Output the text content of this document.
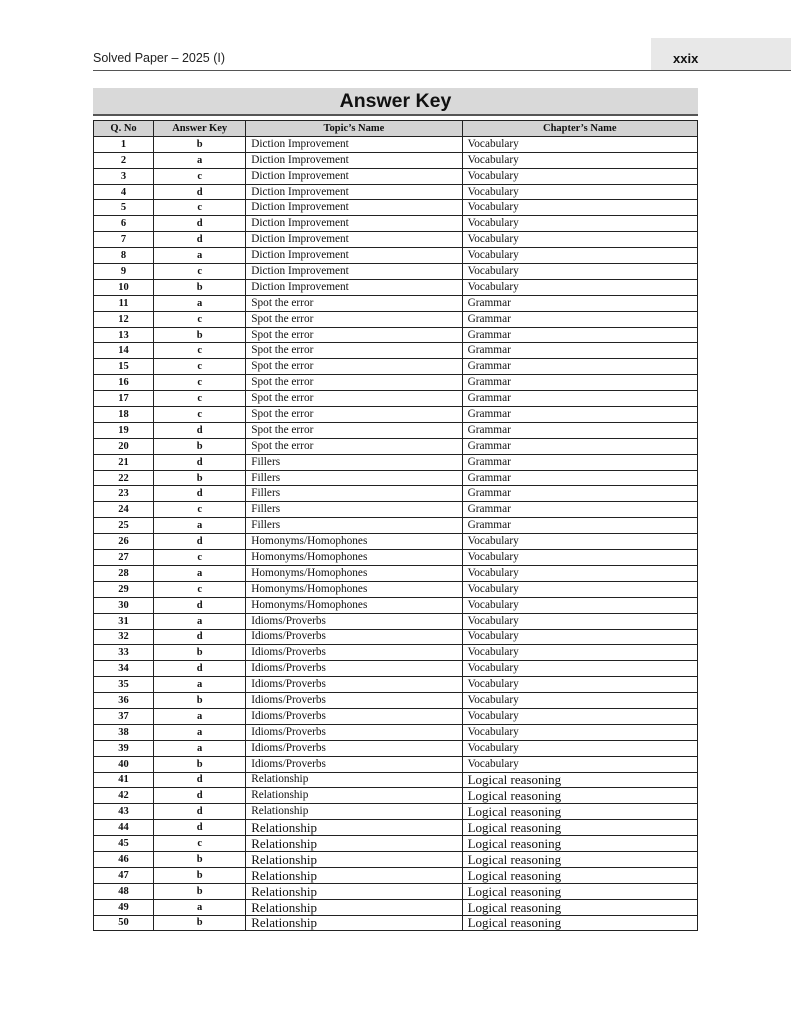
Solved Paper – 2025 (I)	xxix
Answer Key
Q. No	Answer Key	Topic’s Name	Chapter’s Name
1	b	Diction Improvement	Vocabulary
2	a	Diction Improvement	Vocabulary
3	c	Diction Improvement	Vocabulary
4	d	Diction Improvement	Vocabulary
5	c	Diction Improvement	Vocabulary
6	d	Diction Improvement	Vocabulary
7	d	Diction Improvement	Vocabulary
8	a	Diction Improvement	Vocabulary
9	c	Diction Improvement	Vocabulary
10	b	Diction Improvement	Vocabulary
11	a	Spot the error	Grammar
12	c	Spot the error	Grammar
13	b	Spot the error	Grammar
14	c	Spot the error	Grammar
15	c	Spot the error	Grammar
16	c	Spot the error	Grammar
17	c	Spot the error	Grammar
18	c	Spot the error	Grammar
19	d	Spot the error	Grammar
20	b	Spot the error	Grammar
21	d	Fillers	Grammar
22	b	Fillers	Grammar
23	d	Fillers	Grammar
24	c	Fillers	Grammar
25	a	Fillers	Grammar
26	d	Homonyms/Homophones	Vocabulary
27	c	Homonyms/Homophones	Vocabulary
28	a	Homonyms/Homophones	Vocabulary
29	c	Homonyms/Homophones	Vocabulary
30	d	Homonyms/Homophones	Vocabulary
31	a	Idioms/Proverbs	Vocabulary
32	d	Idioms/Proverbs	Vocabulary
33	b	Idioms/Proverbs	Vocabulary
34	d	Idioms/Proverbs	Vocabulary
35	a	Idioms/Proverbs	Vocabulary
36	b	Idioms/Proverbs	Vocabulary
37	a	Idioms/Proverbs	Vocabulary
38	a	Idioms/Proverbs	Vocabulary
39	a	Idioms/Proverbs	Vocabulary
40	b	Idioms/Proverbs	Vocabulary
41	d	Relationship	Logical reasoning
42	d	Relationship	Logical reasoning
43	d	Relationship	Logical reasoning
44	d	Relationship	Logical reasoning
45	c	Relationship	Logical reasoning
46	b	Relationship	Logical reasoning
47	b	Relationship	Logical reasoning
48	b	Relationship	Logical reasoning
49	a	Relationship	Logical reasoning
50	b	Relationship	Logical reasoning
